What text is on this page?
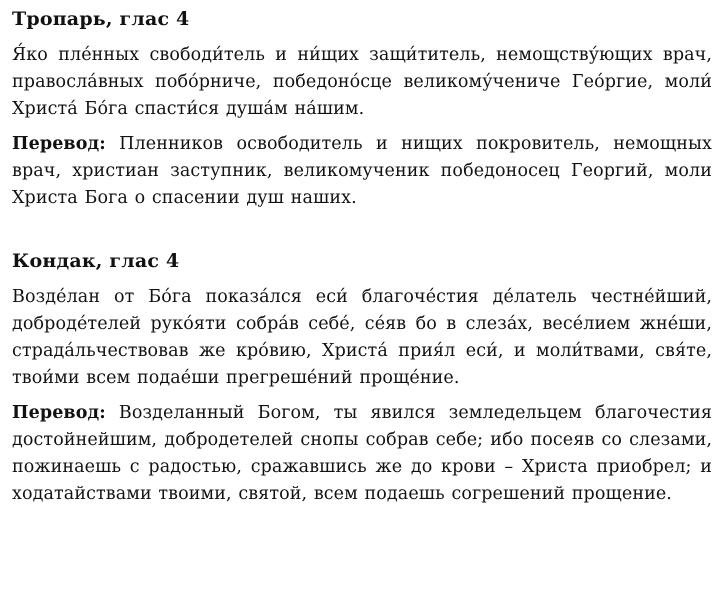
Тропарь, глас 4

Я́ко пле́нных свободи́тель и ни́щих защи́титель, немощству́ющих врач, правосла́вных побо́рниче, победоно́сце великому́чениче Гео́ргие, моли́ Христа́ Бо́га спасти́ся душа́м на́шим.

Перевод: Пленников освободитель и нищих покровитель, немощных врач, христиан заступник, великомученик победоносец Георгий, моли Христа Бога о спасении душ наших.

Кондак, глас 4

Возде́лан от Бо́га показа́лся еси́ благоче́стия де́латель честне́йший, доброде́телей руко́яти собра́в себе́, се́яв бо в слеза́х, весе́лием жне́ши, страда́льчествовав же кро́вию, Христа́ прия́л еси́, и моли́твами, свя́те, твои́ми всем подае́ши прегреше́ний проще́ние.

Перевод: Возделанный Богом, ты явился земледельцем благочестия достойнейшим, добродетелей снопы собрав себе; ибо посеяв со слезами, пожинаешь с радостью, сражавшись же до крови – Христа приобрел; и ходатайствами твоими, святой, всем подаешь согрешений прощение.
